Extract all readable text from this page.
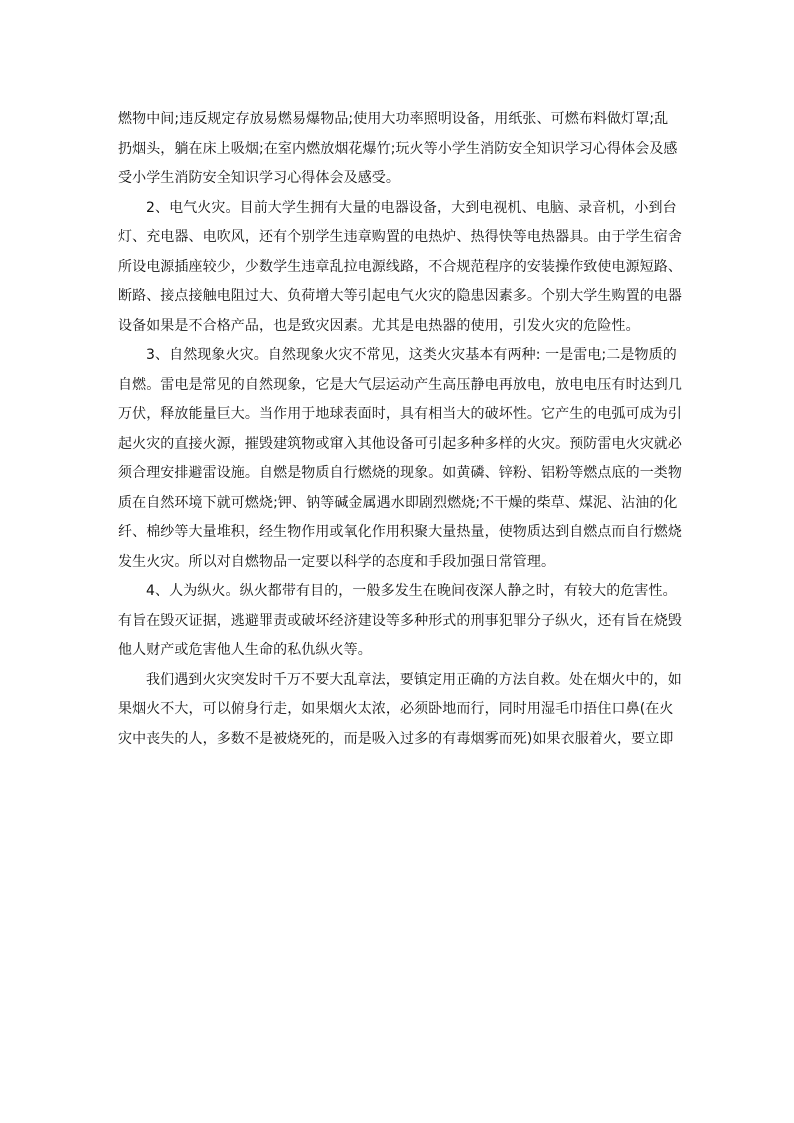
燃物中间;违反规定存放易燃易爆物品;使用大功率照明设备，用纸张、可燃布料做灯罩;乱
扔烟头，躺在床上吸烟;在室内燃放烟花爆竹;玩火等小学生消防安全知识学习心得体会及感
受小学生消防安全知识学习心得体会及感受。
2、电气火灾。目前大学生拥有大量的电器设备，大到电视机、电脑、录音机，小到台
灯、充电器、电吹风，还有个别学生违章购置的电热炉、热得快等电热器具。由于学生宿舍
所设电源插座较少，少数学生违章乱拉电源线路，不合规范程序的安装操作致使电源短路、
断路、接点接触电阻过大、负荷增大等引起电气火灾的隐患因素多。个别大学生购置的电器
设备如果是不合格产品，也是致灾因素。尤其是电热器的使用，引发火灾的危险性。
3、自然现象火灾。自然现象火灾不常见，这类火灾基本有两种: 一是雷电;二是物质的
自燃。雷电是常见的自然现象，它是大气层运动产生高压静电再放电，放电电压有时达到几
万伏，释放能量巨大。当作用于地球表面时，具有相当大的破坏性。它产生的电弧可成为引
起火灾的直接火源，摧毁建筑物或窜入其他设备可引起多种多样的火灾。预防雷电火灾就必
须合理安排避雷设施。自燃是物质自行燃烧的现象。如黄磷、锌粉、铝粉等燃点底的一类物
质在自然环境下就可燃烧;钾、钠等碱金属遇水即剧烈燃烧;不干燥的柴草、煤泥、沾油的化
纤、棉纱等大量堆积，经生物作用或氧化作用积聚大量热量，使物质达到自燃点而自行燃烧
发生火灾。所以对自燃物品一定要以科学的态度和手段加强日常管理。
4、人为纵火。纵火都带有目的，一般多发生在晚间夜深人静之时，有较大的危害性。
有旨在毁灭证据，逃避罪责或破坏经济建设等多种形式的刑事犯罪分子纵火，还有旨在烧毁
他人财产或危害他人生命的私仇纵火等。
我们遇到火灾突发时千万不要大乱章法，要镇定用正确的方法自救。处在烟火中的，如
果烟火不大，可以俯身行走，如果烟火太浓，必须卧地而行，同时用湿毛巾捂住口鼻(在火
灾中丧失的人，多数不是被烧死的，而是吸入过多的有毒烟雾而死)如果衣服着火，要立即
